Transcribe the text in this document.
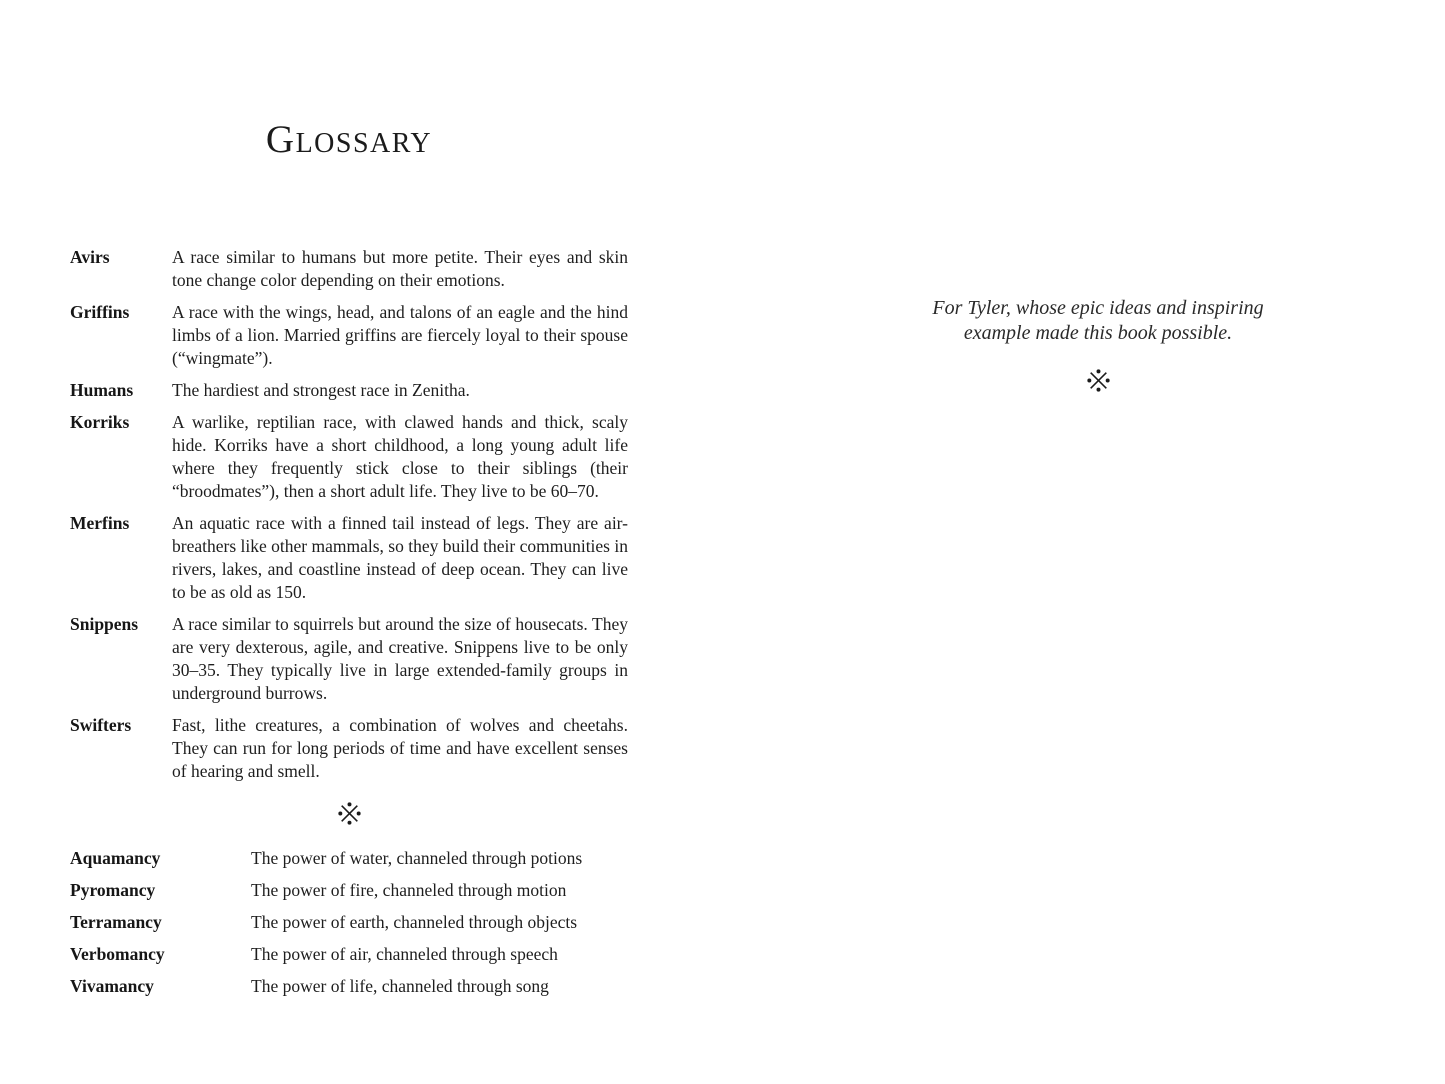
GLOSSARY
Avirs	A race similar to humans but more petite. Their eyes and skin tone change color depending on their emotions.
Griffins	A race with the wings, head, and talons of an eagle and the hind limbs of a lion. Married griffins are fiercely loyal to their spouse (“wingmate”).
Humans	The hardiest and strongest race in Zenitha.
Korriks	A warlike, reptilian race, with clawed hands and thick, scaly hide. Korriks have a short childhood, a long young adult life where they frequently stick close to their siblings (their “broodmates”), then a short adult life. They live to be 60–70.
Merfins	An aquatic race with a finned tail instead of legs. They are air-breathers like other mammals, so they build their communities in rivers, lakes, and coastline instead of deep ocean. They can live to be as old as 150.
Snippens	A race similar to squirrels but around the size of housecats. They are very dexterous, agile, and creative. Snippens live to be only 30–35. They typically live in large extended-family groups in underground burrows.
Swifters	Fast, lithe creatures, a combination of wolves and cheetahs. They can run for long periods of time and have excellent senses of hearing and smell.
Aquamancy	The power of water, channeled through potions
Pyromancy	The power of fire, channeled through motion
Terramancy	The power of earth, channeled through objects
Verbomancy	The power of air, channeled through speech
Vivamancy	The power of life, channeled through song
For Tyler, whose epic ideas and inspiring
example made this book possible.
